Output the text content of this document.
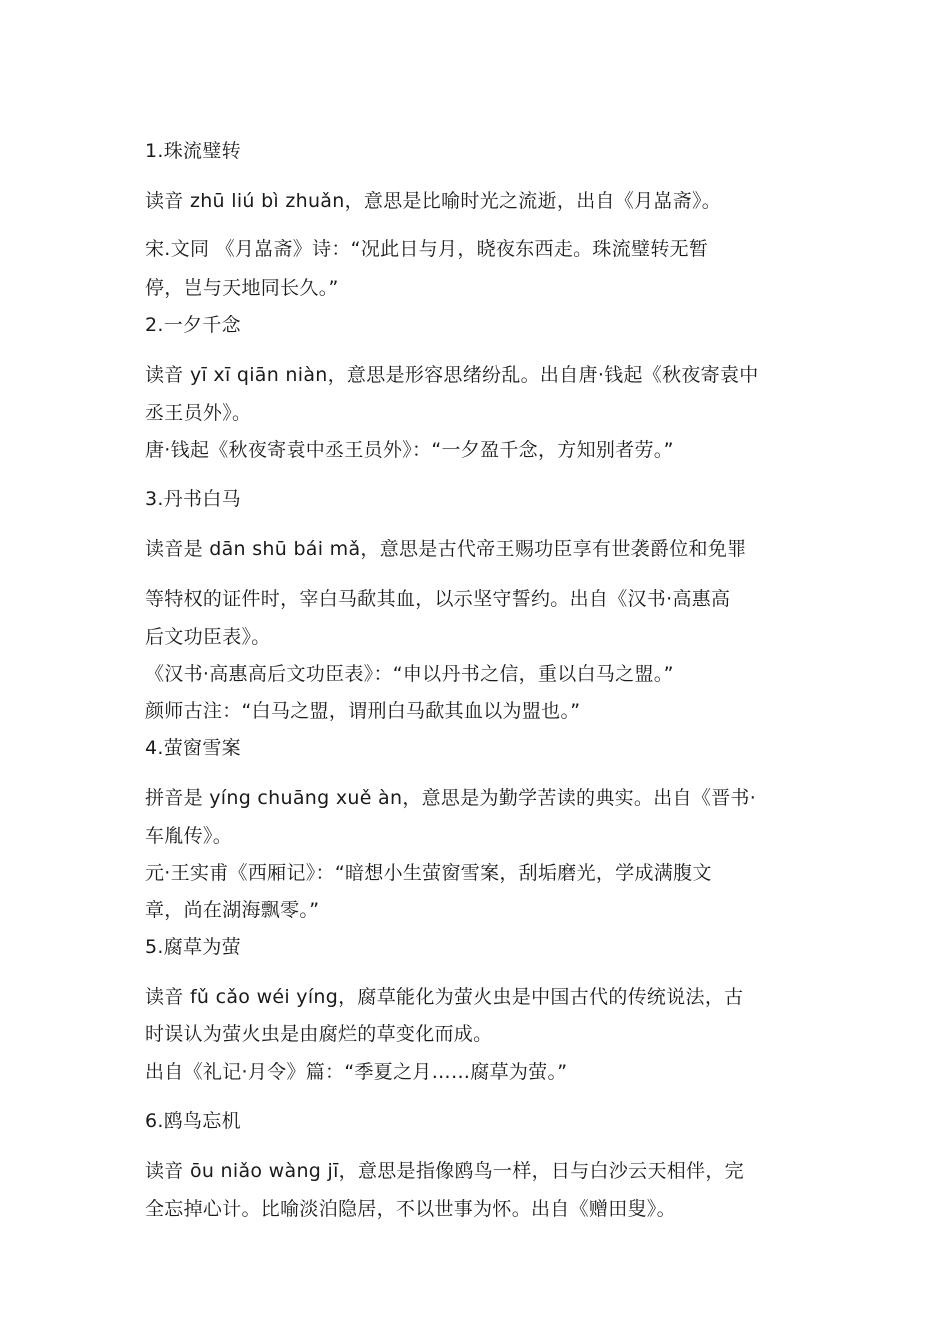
1.珠流璧转
读音 zhū liú bì zhuǎn，意思是比喻时光之流逝，出自《月嵓斋》。
宋.文同 《月嵓斋》诗：“况此日与月，晓夜东西走。珠流璧转无暂
停，岂与天地同长久。”
2.一夕千念
读音 yī xī qiān niàn，意思是形容思绪纷乱。出自唐·钱起《秋夜寄袁中
丞王员外》。
唐·钱起《秋夜寄袁中丞王员外》：“一夕盈千念，方知别者劳。”
3.丹书白马
读音是 dān shū bái mǎ，意思是古代帝王赐功臣享有世袭爵位和免罪
等特权的证件时，宰白马歃其血，以示坚守誓约。出自《汉书·高惠高
后文功臣表》。
《汉书·高惠高后文功臣表》：“申以丹书之信，重以白马之盟。”
颜师古注：“白马之盟，谓刑白马歃其血以为盟也。”
4.萤窗雪案
拼音是 yíng chuāng xuě àn，意思是为勤学苦读的典实。出自《晋书·
车胤传》。
元·王实甫《西厢记》：“暗想小生萤窗雪案，刮垢磨光，学成满腹文
章，尚在湖海飘零。”
5.腐草为萤
读音 fǔ cǎo wéi yíng，腐草能化为萤火虫是中国古代的传统说法，古
时误认为萤火虫是由腐烂的草变化而成。
出自《礼记·月令》篇：“季夏之月……腐草为萤。”
6.鸥鸟忘机
读音 ōu niǎo wàng jī，意思是指像鸥鸟一样，日与白沙云天相伴，完
全忘掉心计。比喻淡泊隐居，不以世事为怀。出自《赠田叟》。
